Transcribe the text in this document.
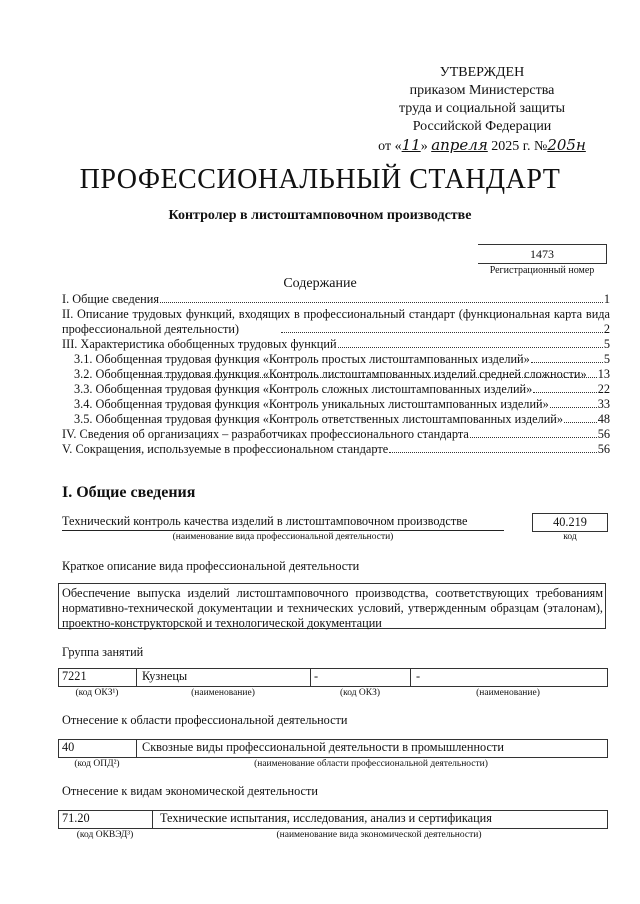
УТВЕРЖДЕН
приказом Министерства
труда и социальной защиты
Российской Федерации
от «11» апреля 2025 г. №205н
ПРОФЕССИОНАЛЬНЫЙ СТАНДАРТ
Контролер в листоштамповочном производстве
1473
Регистрационный номер
Содержание
I. Общие сведения	1
II. Описание трудовых функций, входящих в профессиональный стандарт (функциональная карта вида профессиональной деятельности)	2
III. Характеристика обобщенных трудовых функций	5
3.1. Обобщенная трудовая функция «Контроль простых листоштампованных изделий»	5
3.2. Обобщенная трудовая функция «Контроль листоштампованных изделий средней сложности» 13
3.3. Обобщенная трудовая функция «Контроль сложных листоштампованных изделий»	22
3.4. Обобщенная трудовая функция «Контроль уникальных листоштампованных изделий»	33
3.5. Обобщенная трудовая функция «Контроль ответственных листоштампованных изделий»	48
IV. Сведения об организациях – разработчиках профессионального стандарта	56
V. Сокращения, используемые в профессиональном стандарте	56
I. Общие сведения
Технический контроль качества изделий в листоштамповочном производстве
(наименование вида профессиональной деятельности)
40.219
код
Краткое описание вида профессиональной деятельности
Обеспечение выпуска изделий листоштамповочного производства, соответствующих требованиям нормативно-технической документации и технических условий, утвержденным образцам (эталонам), проектно-конструкторской и технологической документации
Группа занятий
7221	Кузнецы	-	-
(код ОКЗ¹)	(наименование)	(код ОКЗ)	(наименование)
Отнесение к области профессиональной деятельности
40	Сквозные виды профессиональной деятельности в промышленности
(код ОПД²)	(наименование области профессиональной деятельности)
Отнесение к видам экономической деятельности
71.20	Технические испытания, исследования, анализ и сертификация
(код ОКВЭД³)	(наименование вида экономической деятельности)
